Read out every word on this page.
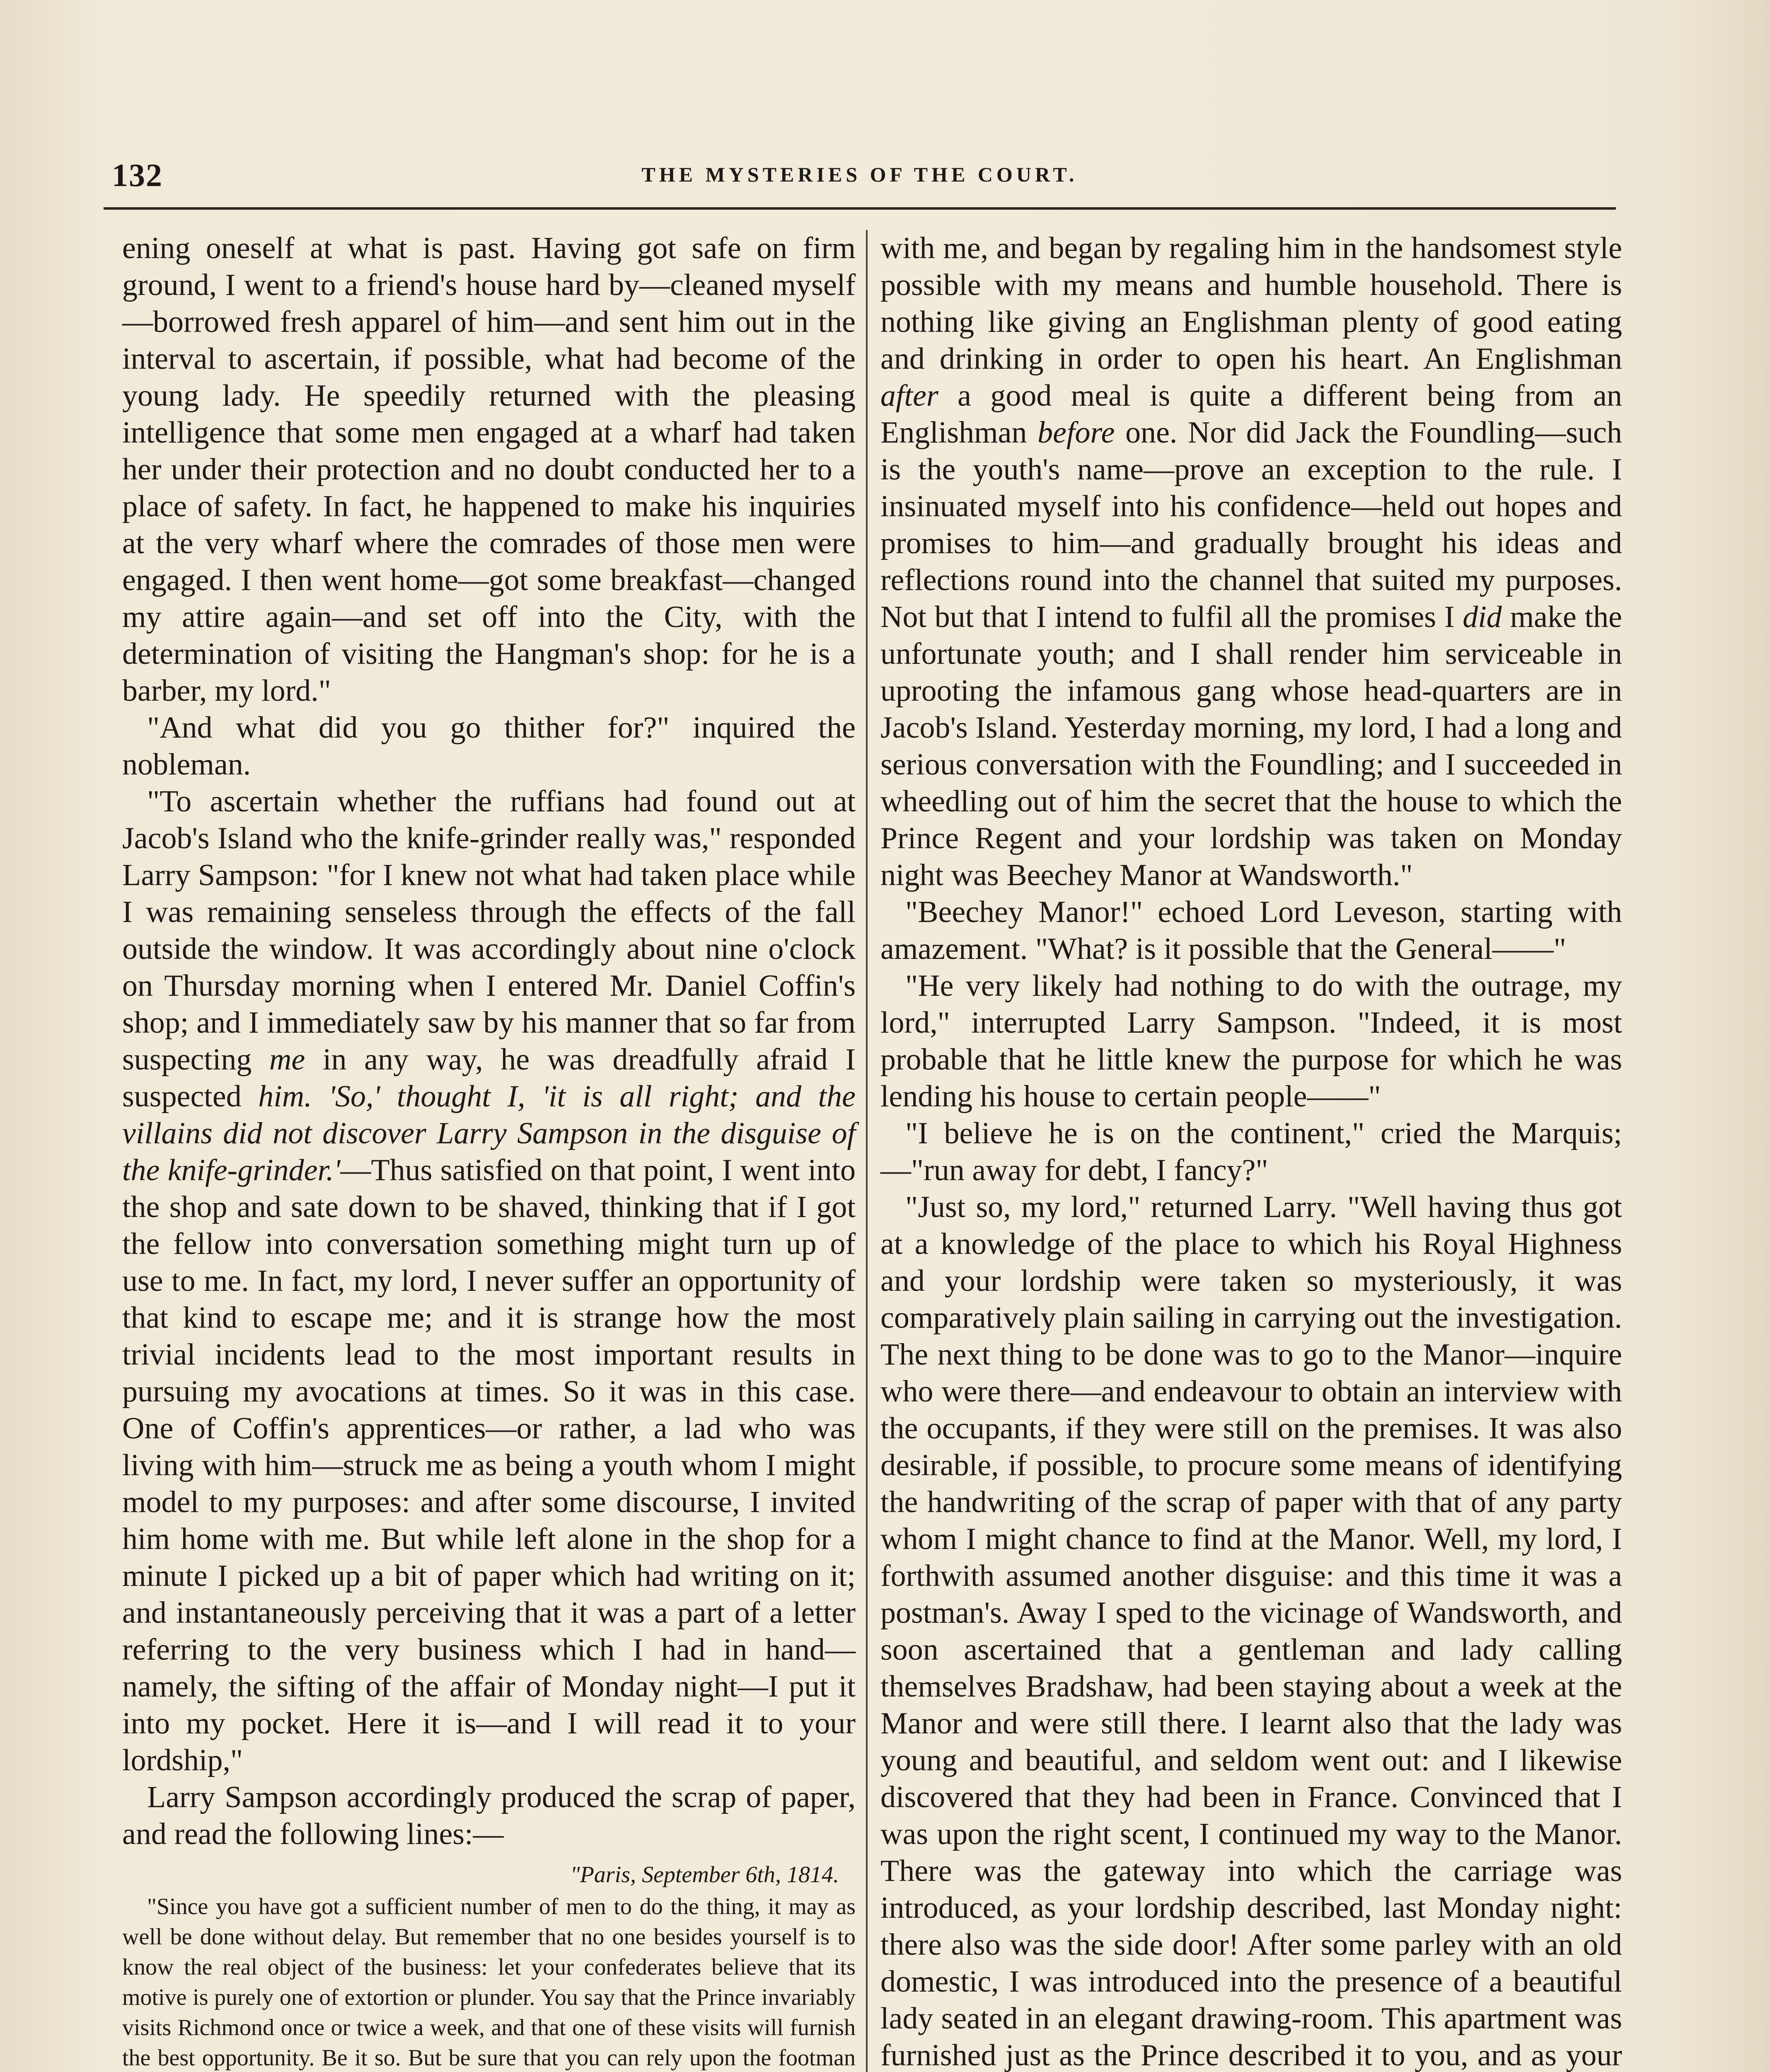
132	THE MYSTERIES OF THE COURT.

ening oneself at what is past. Having got safe on firm ground, I went to a friend's house hard by—cleaned myself—borrowed fresh apparel of him—and sent him out in the interval to ascertain, if possible, what had become of the young lady. He speedily returned with the pleasing intelligence that some men engaged at a wharf had taken her under their protection and no doubt conducted her to a place of safety. In fact, he happened to make his inquiries at the very wharf where the comrades of those men were engaged. I then went home—got some breakfast—changed my attire again—and set off into the City, with the determination of visiting the Hangman's shop: for he is a barber, my lord."

"And what did you go thither for?" inquired the nobleman.

"To ascertain whether the ruffians had found out at Jacob's Island who the knife-grinder really was," responded Larry Sampson: "for I knew not what had taken place while I was remaining senseless through the effects of the fall outside the window. It was accordingly about nine o'clock on Thursday morning when I entered Mr. Daniel Coffin's shop; and I immediately saw by his manner that so far from suspecting me in any way, he was dreadfully afraid I suspected him. 'So,' thought I, 'it is all right; and the villains did not discover Larry Sampson in the disguise of the knife-grinder.'—Thus satisfied on that point, I went into the shop and sate down to be shaved, thinking that if I got the fellow into conversation something might turn up of use to me. In fact, my lord, I never suffer an opportunity of that kind to escape me; and it is strange how the most trivial incidents lead to the most important results in pursuing my avocations at times. So it was in this case. One of Coffin's apprentices—or rather, a lad who was living with him—struck me as being a youth whom I might model to my purposes: and after some discourse, I invited him home with me. But while left alone in the shop for a minute I picked up a bit of paper which had writing on it; and instantaneously perceiving that it was a part of a letter referring to the very business which I had in hand—namely, the sifting of the affair of Monday night—I put it into my pocket. Here it is—and I will read it to your lordship,"

Larry Sampson accordingly produced the scrap of paper, and read the following lines:—

"Paris, September 6th, 1814.

"Since you have got a sufficient number of men to do the thing, it may as well be done without delay. But remember that no one besides yourself is to know the real object of the business: let your confederates believe that its motive is purely one of extortion or plunder. You say that the Prince invariably visits Richmond once or twice a week, and that one of these visits will furnish the best opportunity. Be it so. But be sure that you can rely upon the footman

with me, and began by regaling him in the handsomest style possible with my means and humble household. There is nothing like giving an Englishman plenty of good eating and drinking in order to open his heart. An Englishman after a good meal is quite a different being from an Englishman before one. Nor did Jack the Foundling—such is the youth's name—prove an exception to the rule. I insinuated myself into his confidence—held out hopes and promises to him—and gradually brought his ideas and reflections round into the channel that suited my purposes. Not but that I intend to fulfil all the promises I did make the unfortunate youth; and I shall render him serviceable in uprooting the infamous gang whose head-quarters are in Jacob's Island. Yesterday morning, my lord, I had a long and serious conversation with the Foundling; and I succeeded in wheedling out of him the secret that the house to which the Prince Regent and your lordship was taken on Monday night was Beechey Manor at Wandsworth."

"Beechey Manor!" echoed Lord Leveson, starting with amazement. "What? is it possible that the General——"

"He very likely had nothing to do with the outrage, my lord," interrupted Larry Sampson. "Indeed, it is most probable that he little knew the purpose for which he was lending his house to certain people——"

"I believe he is on the continent," cried the Marquis;—"run away for debt, I fancy?"

"Just so, my lord," returned Larry. "Well having thus got at a knowledge of the place to which his Royal Highness and your lordship were taken so mysteriously, it was comparatively plain sailing in carrying out the investigation. The next thing to be done was to go to the Manor—inquire who were there—and endeavour to obtain an interview with the occupants, if they were still on the premises. It was also desirable, if possible, to procure some means of identifying the handwriting of the scrap of paper with that of any party whom I might chance to find at the Manor. Well, my lord, I forthwith assumed another disguise: and this time it was a postman's. Away I sped to the vicinage of Wandsworth, and soon ascertained that a gentleman and lady calling themselves Bradshaw, had been staying about a week at the Manor and were still there. I learnt also that the lady was young and beautiful, and seldom went out: and I likewise discovered that they had been in France. Convinced that I was upon the right scent, I continued my way to the Manor. There was the gateway into which the carriage was introduced, as your lordship described, last Monday night: there also was the side door! After some parley with an old domestic, I was introduced into the presence of a beautiful lady seated in an elegant drawing-room. This apartment was furnished just as the Prince described it to you, and as your
